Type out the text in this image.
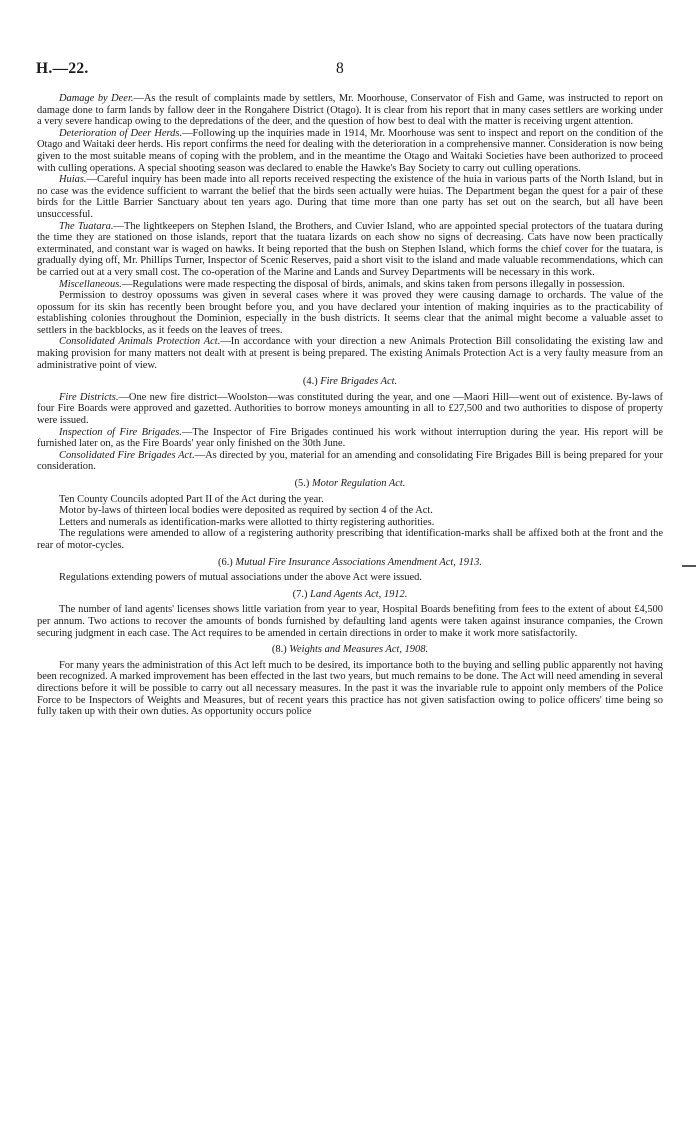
H.—22.	8

Damage by Deer.—As the result of complaints made by settlers, Mr. Moorhouse, Conservator of Fish and Game, was instructed to report on damage done to farm lands by fallow deer in the Rongahere District (Otago). It is clear from his report that in many cases settlers are working under a very severe handicap owing to the depredations of the deer, and the question of how best to deal with the matter is receiving urgent attention.

Deterioration of Deer Herds.—Following up the inquiries made in 1914, Mr. Moorhouse was sent to inspect and report on the condition of the Otago and Waitaki deer herds. His report confirms the need for dealing with the deterioration in a comprehensive manner. Consideration is now being given to the most suitable means of coping with the problem, and in the meantime the Otago and Waitaki Societies have been authorized to proceed with culling operations. A special shooting season was declared to enable the Hawke's Bay Society to carry out culling operations.

Huias.—Careful inquiry has been made into all reports received respecting the existence of the huia in various parts of the North Island, but in no case was the evidence sufficient to warrant the belief that the birds seen actually were huias. The Department began the quest for a pair of these birds for the Little Barrier Sanctuary about ten years ago. During that time more than one party has set out on the search, but all have been unsuccessful.

The Tuatara.—The lightkeepers on Stephen Island, the Brothers, and Cuvier Island, who are appointed special protectors of the tuatara during the time they are stationed on those islands, report that the tuatara lizards on each show no signs of decreasing. Cats have now been practically exterminated, and constant war is waged on hawks. It being reported that the bush on Stephen Island, which forms the chief cover for the tuatara, is gradually dying off, Mr. Phillips Turner, Inspector of Scenic Reserves, paid a short visit to the island and made valuable recommendations, which can be carried out at a very small cost. The co-operation of the Marine and Lands and Survey Departments will be necessary in this work.

Miscellaneous.—Regulations were made respecting the disposal of birds, animals, and skins taken from persons illegally in possession.

Permission to destroy opossums was given in several cases where it was proved they were causing damage to orchards. The value of the opossum for its skin has recently been brought before you, and you have declared your intention of making inquiries as to the practicability of establishing colonies throughout the Dominion, especially in the bush districts. It seems clear that the animal might become a valuable asset to settlers in the backblocks, as it feeds on the leaves of trees.

Consolidated Animals Protection Act.—In accordance with your direction a new Animals Protection Bill consolidating the existing law and making provision for many matters not dealt with at present is being prepared. The existing Animals Protection Act is a very faulty measure from an administrative point of view.

(4.) Fire Brigades Act.

Fire Districts.—One new fire district—Woolston—was constituted during the year, and one —Maori Hill—went out of existence. By-laws of four Fire Boards were approved and gazetted. Authorities to borrow moneys amounting in all to £27,500 and two authorities to dispose of property were issued.

Inspection of Fire Brigades.—The Inspector of Fire Brigades continued his work without interruption during the year. His report will be furnished later on, as the Fire Boards' year only finished on the 30th June.

Consolidated Fire Brigades Act.—As directed by you, material for an amending and consolidating Fire Brigades Bill is being prepared for your consideration.

(5.) Motor Regulation Act.

Ten County Councils adopted Part II of the Act during the year.

Motor by-laws of thirteen local bodies were deposited as required by section 4 of the Act.

Letters and numerals as identification-marks were allotted to thirty registering authorities.

The regulations were amended to allow of a registering authority prescribing that identification-marks shall be affixed both at the front and the rear of motor-cycles.

(6.) Mutual Fire Insurance Associations Amendment Act, 1913.

Regulations extending powers of mutual associations under the above Act were issued.

(7.) Land Agents Act, 1912.

The number of land agents' licenses shows little variation from year to year, Hospital Boards benefiting from fees to the extent of about £4,500 per annum. Two actions to recover the amounts of bonds furnished by defaulting land agents were taken against insurance companies, the Crown securing judgment in each case. The Act requires to be amended in certain directions in order to make it work more satisfactorily.

(8.) Weights and Measures Act, 1908.

For many years the administration of this Act left much to be desired, its importance both to the buying and selling public apparently not having been recognized. A marked improvement has been effected in the last two years, but much remains to be done. The Act will need amending in several directions before it will be possible to carry out all necessary measures. In the past it was the invariable rule to appoint only members of the Police Force to be Inspectors of Weights and Measures, but of recent years this practice has not given satisfaction owing to police officers' time being so fully taken up with their own duties. As opportunity occurs police
